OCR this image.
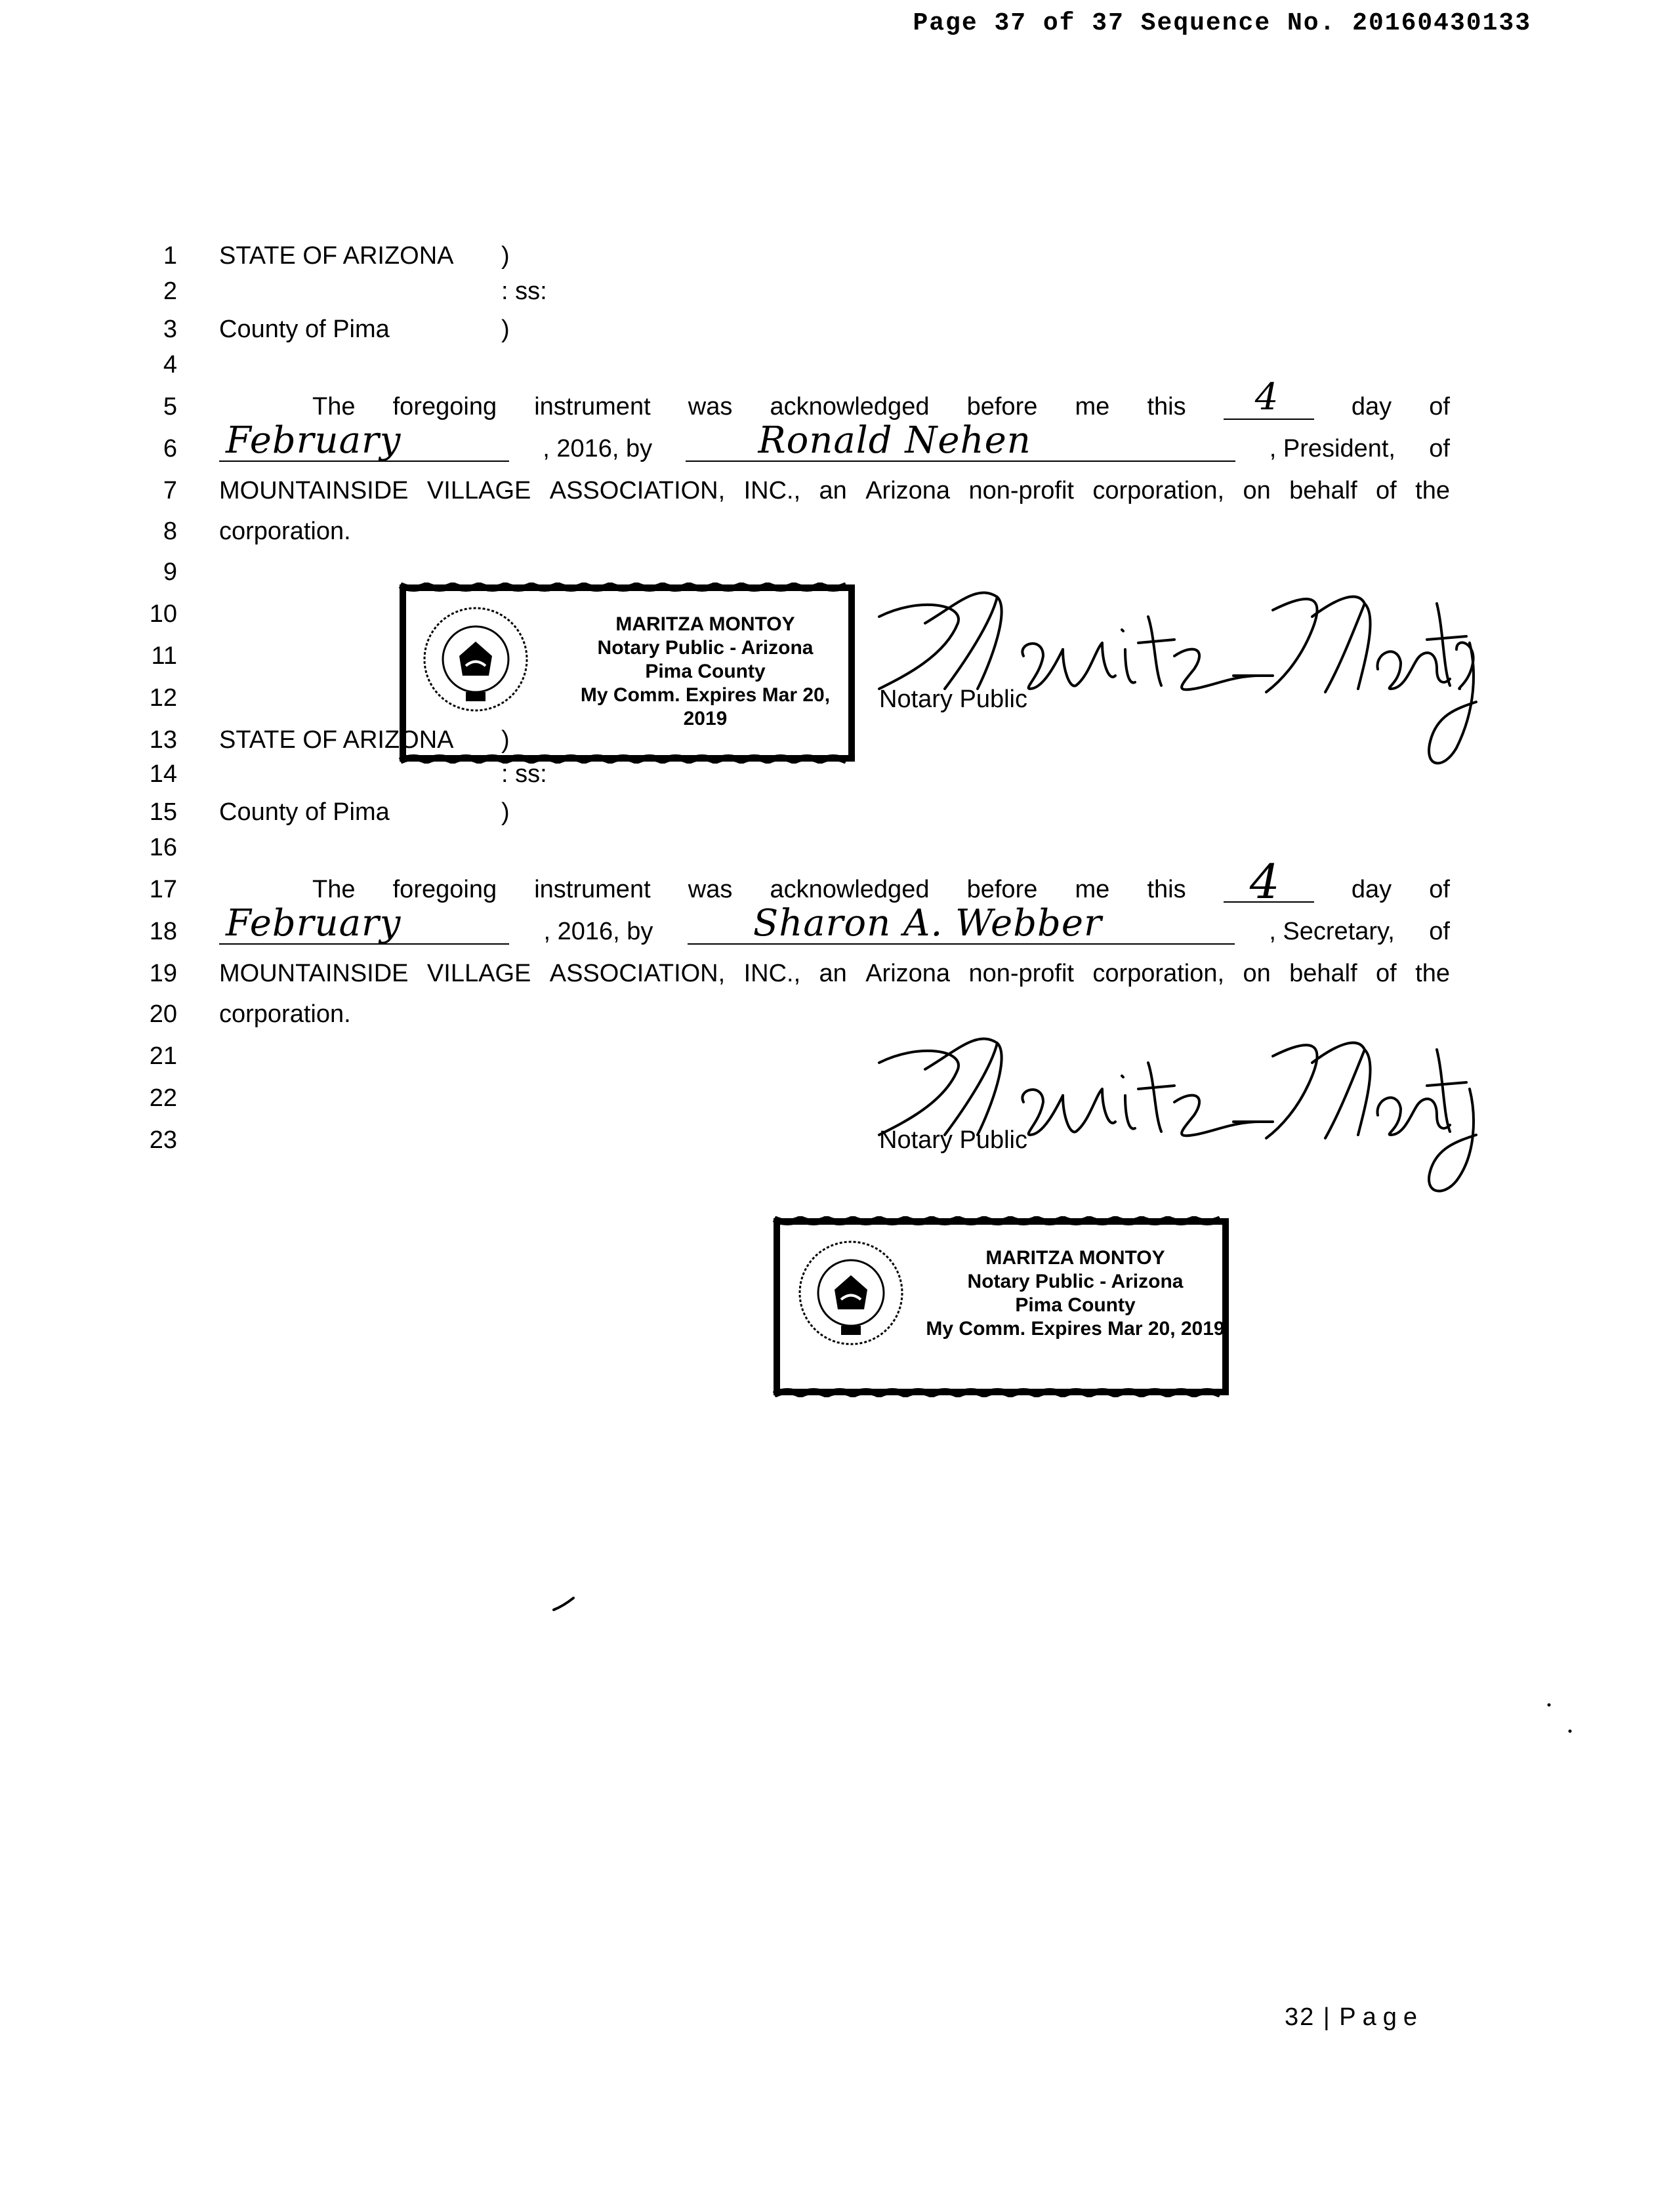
Page 37 of 37 Sequence No. 20160430133
1
2
3
4
5
6
7
8
9
10
11
12
13
14
15
16
17
18
19
20
21
22
23
STATE OF ARIZONA )
: ss:
County of Pima	)
The foregoing instrument was acknowledged before me this 4	day of
February	, 2016, by	Ronald Nehen	, President, of
MOUNTAINSIDE VILLAGE ASSOCIATION, INC., an Arizona non-profit corporation, on behalf of the
corporation.
Notary Public
MARITZA MONTOY
Notary Public - Arizona
Pima County
My Comm. Expires Mar 20, 2019
STATE OF ARIZONA )
: ss:
County of Pima	)
The foregoing instrument was acknowledged before me this 4	day of
February	, 2016, by	Sharon A. Webber	, Secretary, of
MOUNTAINSIDE VILLAGE ASSOCIATION, INC., an Arizona non-profit corporation, on behalf of the
corporation.
Notary Public
MARITZA MONTOY
Notary Public - Arizona
Pima County
My Comm. Expires Mar 20, 2019
32 | Page
